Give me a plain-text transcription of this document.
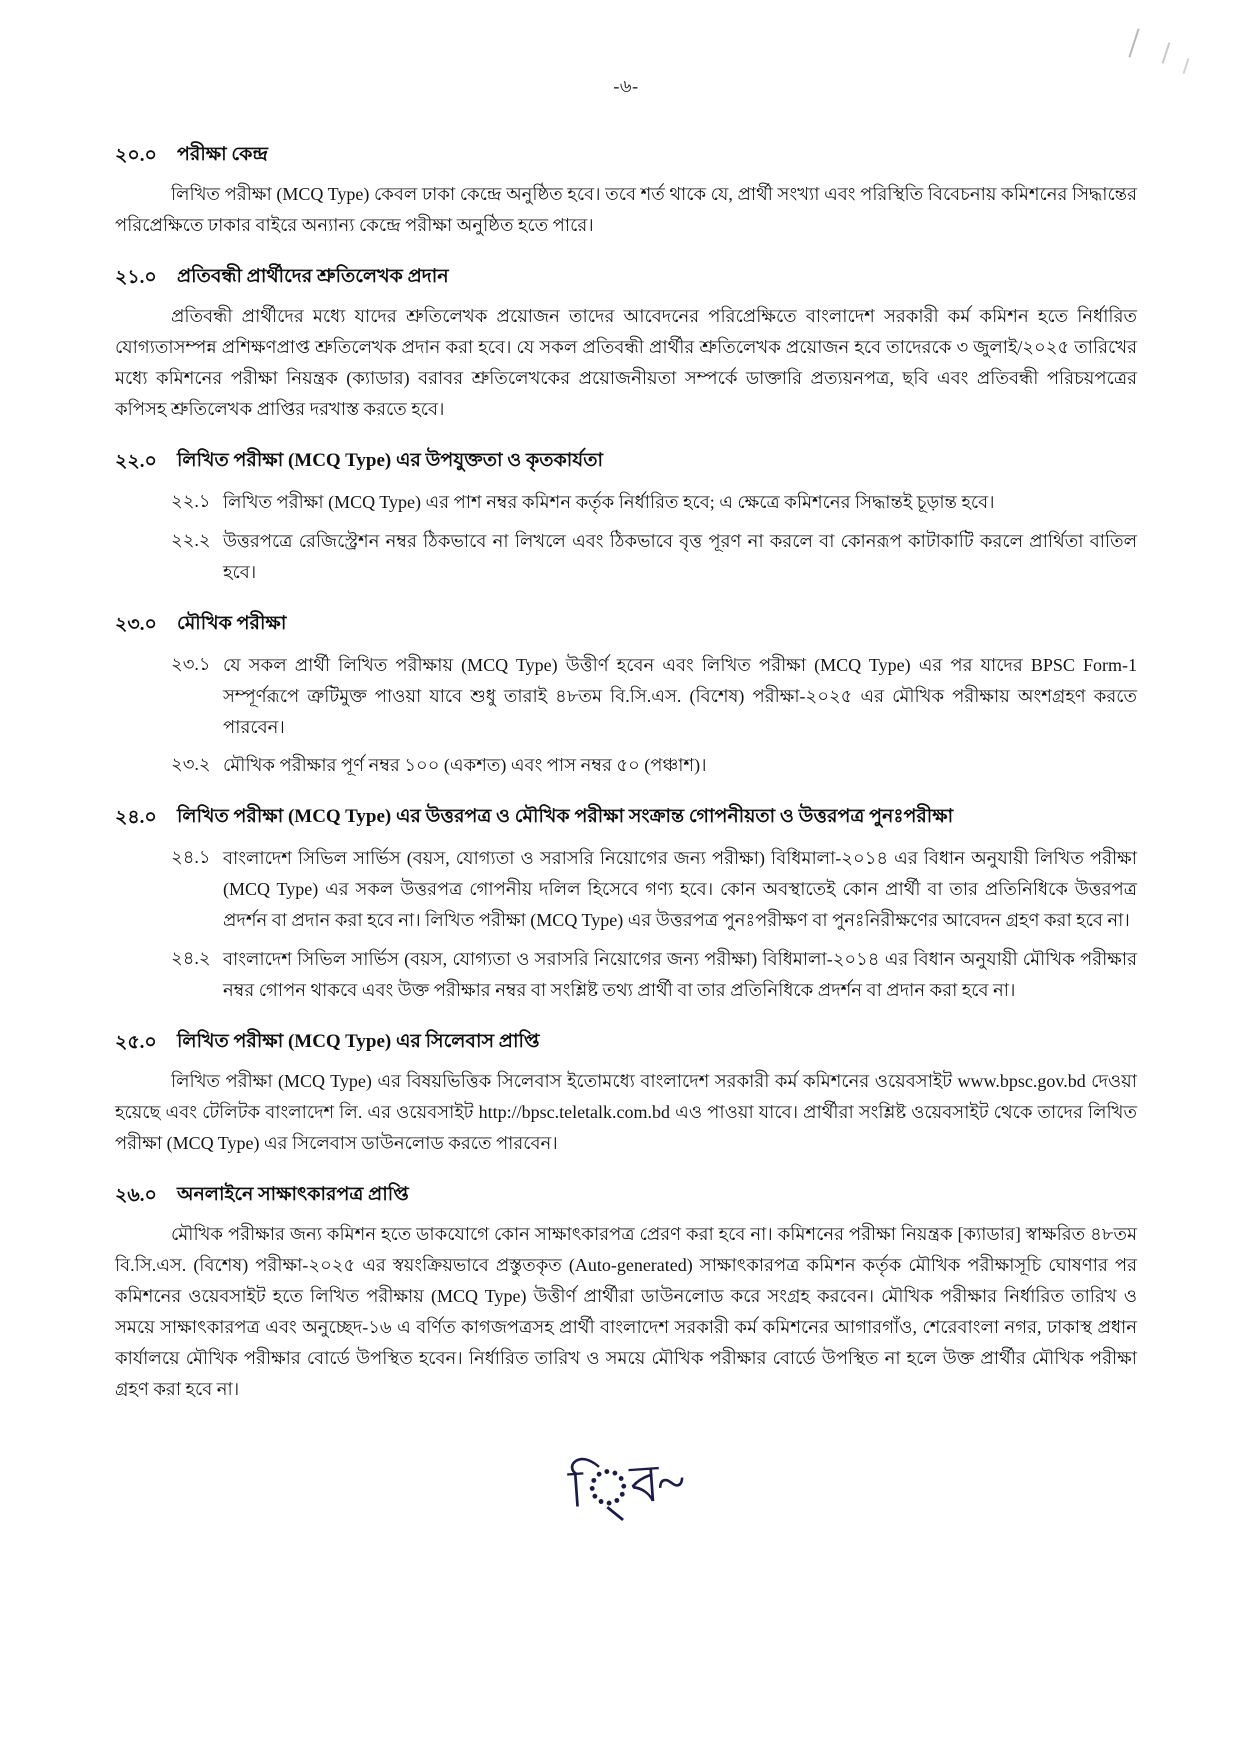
-৬-
২০.০	পরীক্ষা কেন্দ্র

লিখিত পরীক্ষা (MCQ Type) কেবল ঢাকা কেন্দ্রে অনুষ্ঠিত হবে। তবে শর্ত থাকে যে, প্রার্থী সংখ্যা এবং পরিস্থিতি বিবেচনায় কমিশনের সিদ্ধান্তের পরিপ্রেক্ষিতে ঢাকার বাইরে অন্যান্য কেন্দ্রে পরীক্ষা অনুষ্ঠিত হতে পারে।

২১.০	প্রতিবন্ধী প্রার্থীদের শ্রুতিলেখক প্রদান

প্রতিবন্ধী প্রার্থীদের মধ্যে যাদের শ্রুতিলেখক প্রয়োজন তাদের আবেদনের পরিপ্রেক্ষিতে বাংলাদেশ সরকারী কর্ম কমিশন হতে নির্ধারিত যোগ্যতাসম্পন্ন প্রশিক্ষণপ্রাপ্ত শ্রুতিলেখক প্রদান করা হবে। যে সকল প্রতিবন্ধী প্রার্থীর শ্রুতিলেখক প্রয়োজন হবে তাদেরকে ৩ জুলাই/২০২৫ তারিখের মধ্যে কমিশনের পরীক্ষা নিয়ন্ত্রক (ক্যাডার) বরাবর শ্রুতিলেখকের প্রয়োজনীয়তা সম্পর্কে ডাক্তারি প্রত্যয়নপত্র, ছবি এবং প্রতিবন্ধী পরিচয়পত্রের কপিসহ শ্রুতিলেখক প্রাপ্তির দরখাস্ত করতে হবে।

২২.০	লিখিত পরীক্ষা (MCQ Type) এর উপযুক্ততা ও কৃতকার্যতা
২২.১ লিখিত পরীক্ষা (MCQ Type) এর পাশ নম্বর কমিশন কর্তৃক নির্ধারিত হবে; এ ক্ষেত্রে কমিশনের সিদ্ধান্তই চূড়ান্ত হবে।
২২.২ উত্তরপত্রে রেজিস্ট্রেশন নম্বর ঠিকভাবে না লিখলে এবং ঠিকভাবে বৃত্ত পূরণ না করলে বা কোনরূপ কাটাকাটি করলে প্রার্থিতা বাতিল হবে।
২৩.০	মৌখিক পরীক্ষা
২৩.১ যে সকল প্রার্থী লিখিত পরীক্ষায় (MCQ Type) উত্তীর্ণ হবেন এবং লিখিত পরীক্ষা (MCQ Type) এর পর যাদের BPSC Form-1 সম্পূর্ণরূপে ত্রুটিমুক্ত পাওয়া যাবে শুধু তারাই ৪৮তম বি.সি.এস. (বিশেষ) পরীক্ষা-২০২৫ এর মৌখিক পরীক্ষায় অংশগ্রহণ করতে পারবেন।
২৩.২ মৌখিক পরীক্ষার পূর্ণ নম্বর ১০০ (একশত) এবং পাস নম্বর ৫০ (পঞ্চাশ)।
২৪.০	লিখিত পরীক্ষা (MCQ Type) এর উত্তরপত্র ও মৌখিক পরীক্ষা সংক্রান্ত গোপনীয়তা ও উত্তরপত্র পুনঃপরীক্ষা
২৪.১ বাংলাদেশ সিভিল সার্ভিস (বয়স, যোগ্যতা ও সরাসরি নিয়োগের জন্য পরীক্ষা) বিধিমালা-২০১৪ এর বিধান অনুযায়ী লিখিত পরীক্ষা (MCQ Type) এর সকল উত্তরপত্র গোপনীয় দলিল হিসেবে গণ্য হবে। কোন অবস্থাতেই কোন প্রার্থী বা তার প্রতিনিধিকে উত্তরপত্র প্রদর্শন বা প্রদান করা হবে না। লিখিত পরীক্ষা (MCQ Type) এর উত্তরপত্র পুনঃপরীক্ষণ বা পুনঃনিরীক্ষণের আবেদন গ্রহণ করা হবে না।
২৪.২ বাংলাদেশ সিভিল সার্ভিস (বয়স, যোগ্যতা ও সরাসরি নিয়োগের জন্য পরীক্ষা) বিধিমালা-২০১৪ এর বিধান অনুযায়ী মৌখিক পরীক্ষার নম্বর গোপন থাকবে এবং উক্ত পরীক্ষার নম্বর বা সংশ্লিষ্ট তথ্য প্রার্থী বা তার প্রতিনিধিকে প্রদর্শন বা প্রদান করা হবে না।
২৫.০	লিখিত পরীক্ষা (MCQ Type) এর সিলেবাস প্রাপ্তি

লিখিত পরীক্ষা (MCQ Type) এর বিষয়ভিত্তিক সিলেবাস ইতোমধ্যে বাংলাদেশ সরকারী কর্ম কমিশনের ওয়েবসাইট www.bpsc.gov.bd দেওয়া হয়েছে এবং টেলিটক বাংলাদেশ লি. এর ওয়েবসাইট http://bpsc.teletalk.com.bd এও পাওয়া যাবে। প্রার্থীরা সংশ্লিষ্ট ওয়েবসাইট থেকে তাদের লিখিত পরীক্ষা (MCQ Type) এর সিলেবাস ডাউনলোড করতে পারবেন।

২৬.০	অনলাইনে সাক্ষাৎকারপত্র প্রাপ্তি

মৌখিক পরীক্ষার জন্য কমিশন হতে ডাকযোগে কোন সাক্ষাৎকারপত্র প্রেরণ করা হবে না। কমিশনের পরীক্ষা নিয়ন্ত্রক [ক্যাডার] স্বাক্ষরিত ৪৮তম বি.সি.এস. (বিশেষ) পরীক্ষা-২০২৫ এর স্বয়ংক্রিয়ভাবে প্রস্তুতকৃত (Auto-generated) সাক্ষাৎকারপত্র কমিশন কর্তৃক মৌখিক পরীক্ষাসূচি ঘোষণার পর কমিশনের ওয়েবসাইট হতে লিখিত পরীক্ষায় (MCQ Type) উত্তীর্ণ প্রার্থীরা ডাউনলোড করে সংগ্রহ করবেন। মৌখিক পরীক্ষার নির্ধারিত তারিখ ও সময়ে সাক্ষাৎকারপত্র এবং অনুচ্ছেদ-১৬ এ বর্ণিত কাগজপত্রসহ প্রার্থী বাংলাদেশ সরকারী কর্ম কমিশনের আগারগাঁও, শেরেবাংলা নগর, ঢাকাস্থ প্রধান কার্যালয়ে মৌখিক পরীক্ষার বোর্ডে উপস্থিত হবেন। নির্ধারিত তারিখ ও সময়ে মৌখিক পরীক্ষার বোর্ডে উপস্থিত না হলে উক্ত প্রার্থীর মৌখিক পরীক্ষা গ্রহণ করা হবে না।

ি্ব~
